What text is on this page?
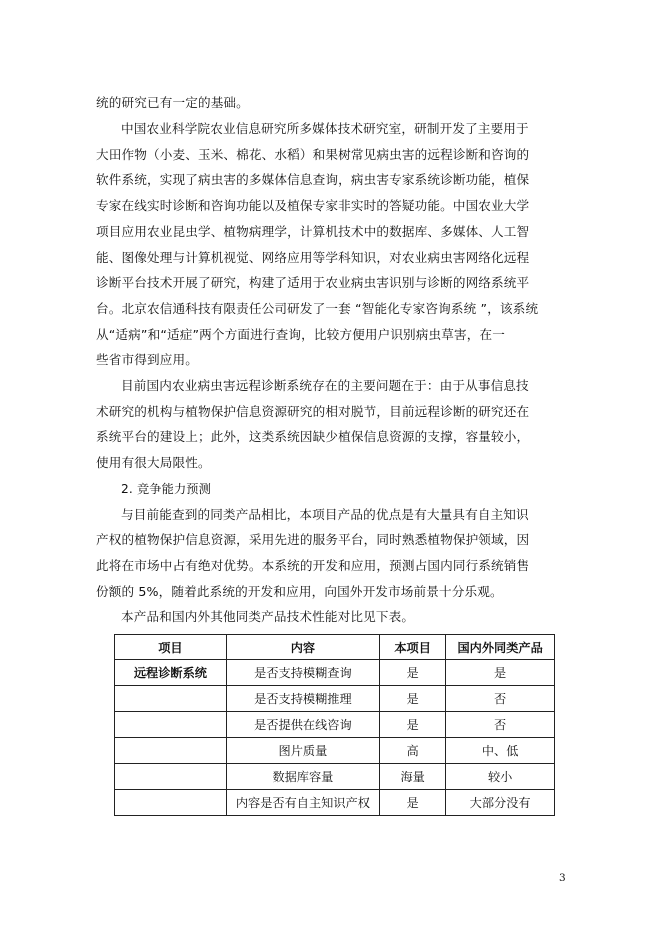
统的研究已有一定的基础。

中国农业科学院农业信息研究所多媒体技术研究室，研制开发了主要用于

大田作物（小麦、玉米、棉花、水稻）和果树常见病虫害的远程诊断和咨询的

软件系统，实现了病虫害的多媒体信息查询，病虫害专家系统诊断功能，植保

专家在线实时诊断和咨询功能以及植保专家非实时的答疑功能。中国农业大学

项目应用农业昆虫学、植物病理学，计算机技术中的数据库、多媒体、人工智

能、图像处理与计算机视觉、网络应用等学科知识，对农业病虫害网络化远程

诊断平台技术开展了研究，构建了适用于农业病虫害识别与诊断的网络系统平

台。北京农信通科技有限责任公司研发了一套 “智能化专家咨询系统 ”，该系统

从“适病”和“适症”两个方面进行查询，比较方便用户识别病虫草害，在一

些省市得到应用。

目前国内农业病虫害远程诊断系统存在的主要问题在于：由于从事信息技

术研究的机构与植物保护信息资源研究的相对脱节，目前远程诊断的研究还在

系统平台的建设上；此外，这类系统因缺少植保信息资源的支撑，容量较小，

使用有很大局限性。

2. 竞争能力预测

与目前能查到的同类产品相比，本项目产品的优点是有大量具有自主知识

产权的植物保护信息资源，采用先进的服务平台，同时熟悉植物保护领域，因

此将在市场中占有绝对优势。本系统的开发和应用，预测占国内同行系统销售

份额的 5%，随着此系统的开发和应用，向国外开发市场前景十分乐观。

本产品和国内外其他同类产品技术性能对比见下表。

项目	内容	本项目	国内外同类产品
远程诊断系统	是否支持模糊查询	是	是
	是否支持模糊推理	是	否
	是否提供在线咨询	是	否
	图片质量	高	中、低
	数据库容量	海量	较小
	内容是否有自主知识产权	是	大部分没有
3
